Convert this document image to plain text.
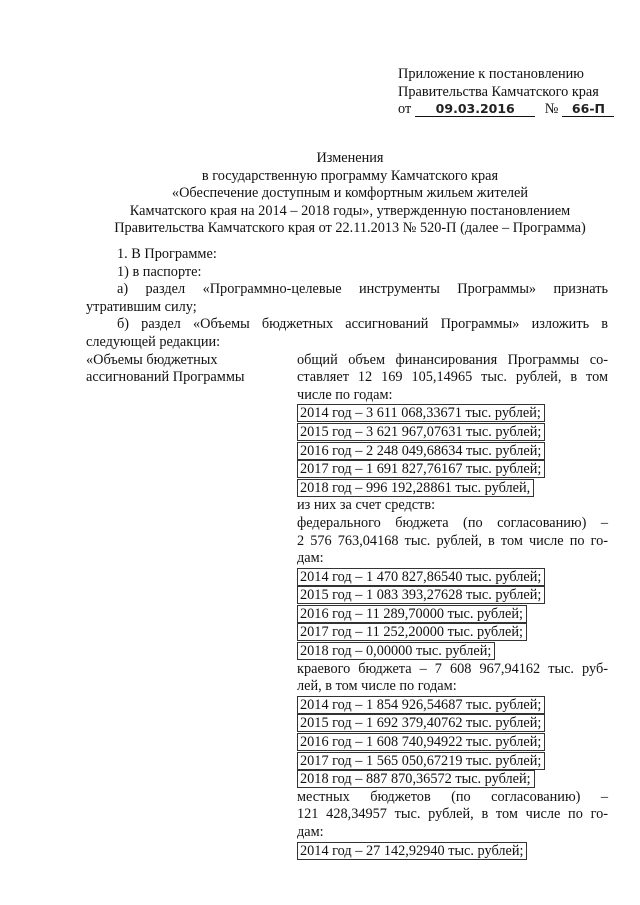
Приложение к постановлению
Правительства Камчатского края
от 09.03.2016 № 66-П
Изменения
в государственную программу Камчатского края
«Обеспечение доступным и комфортным жильем жителей
Камчатского края на 2014 – 2018 годы», утвержденную постановлением
Правительства Камчатского края от 22.11.2013 № 520-П (далее – Программа)
1. В Программе:
1) в паспорте:
а) раздел «Программно-целевые инструменты Программы» признать
утратившим силу;
б) раздел «Объемы бюджетных ассигнований Программы» изложить в
следующей редакции:
«Объемы бюджетных
ассигнований Программы
общий объем финансирования Программы со-
ставляет 12 169 105,14965 тыс. рублей, в том
числе по годам:
2014 год – 3 611 068,33671 тыс. рублей;
2015 год – 3 621 967,07631 тыс. рублей;
2016 год – 2 248 049,68634 тыс. рублей;
2017 год – 1 691 827,76167 тыс. рублей;
2018 год – 996 192,28861 тыс. рублей,
из них за счет средств:
федерального бюджета (по согласованию) –
2 576 763,04168 тыс. рублей, в том числе по го-
дам:
2014 год – 1 470 827,86540 тыс. рублей;
2015 год – 1 083 393,27628 тыс. рублей;
2016 год – 11 289,70000 тыс. рублей;
2017 год – 11 252,20000 тыс. рублей;
2018 год – 0,00000 тыс. рублей;
краевого бюджета – 7 608 967,94162 тыс. руб-
лей, в том числе по годам:
2014 год – 1 854 926,54687 тыс. рублей;
2015 год – 1 692 379,40762 тыс. рублей;
2016 год – 1 608 740,94922 тыс. рублей;
2017 год – 1 565 050,67219 тыс. рублей;
2018 год – 887 870,36572 тыс. рублей;
местных бюджетов (по согласованию) –
121 428,34957 тыс. рублей, в том числе по го-
дам:
2014 год – 27 142,92940 тыс. рублей;
